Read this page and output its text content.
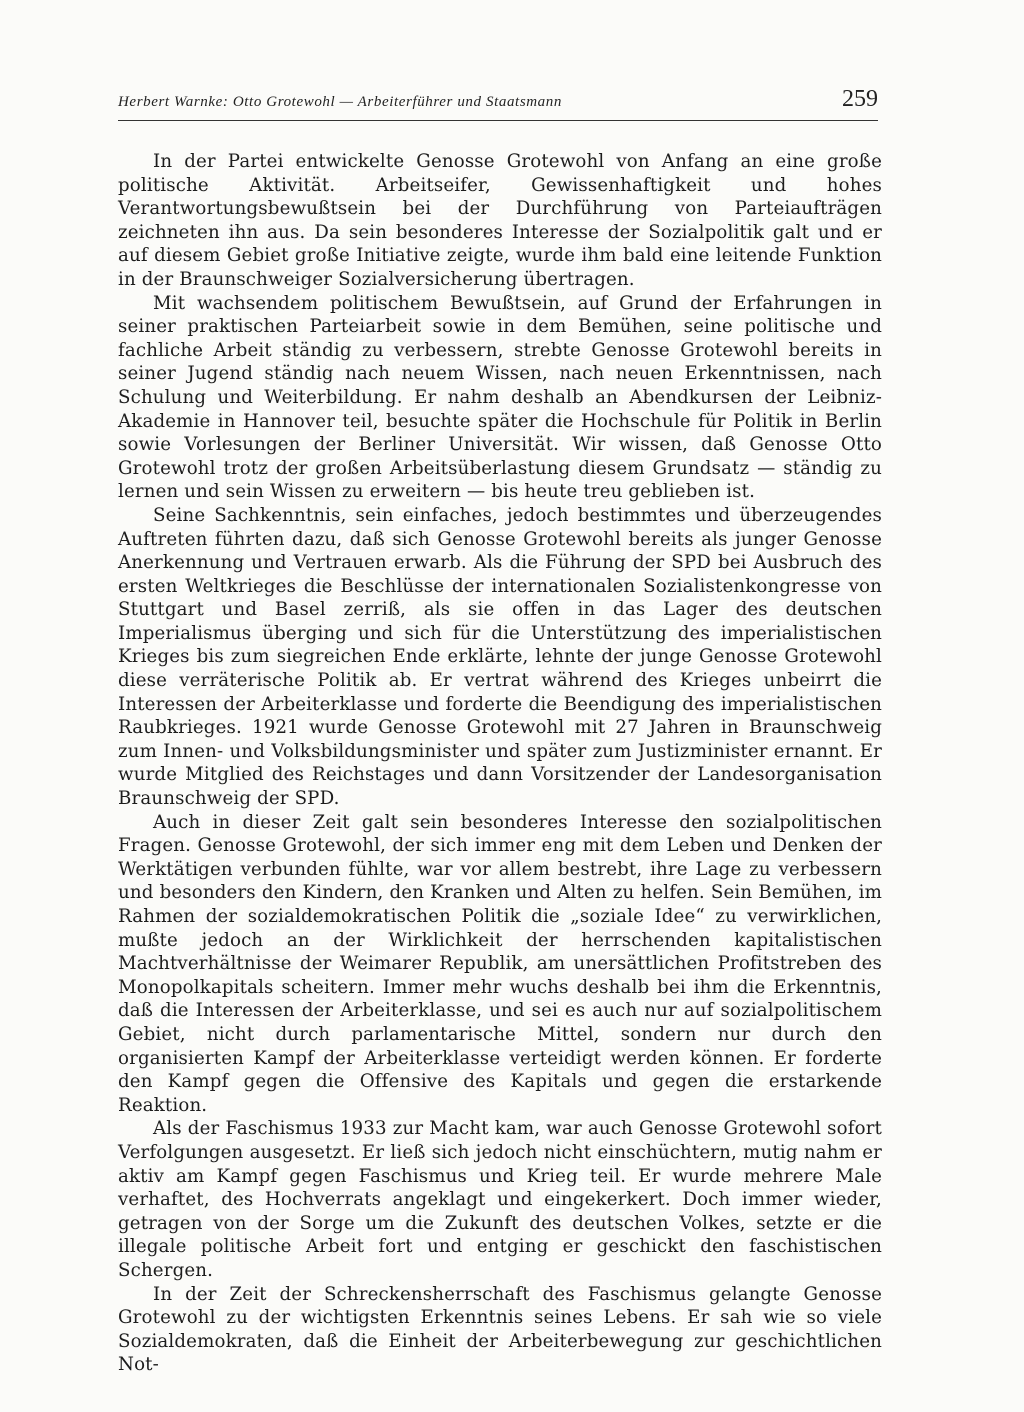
Herbert Warnke: Otto Grotewohl — Arbeiterführer und Staatsmann	259

In der Partei entwickelte Genosse Grotewohl von Anfang an eine große politische Aktivität. Arbeitseifer, Gewissenhaftigkeit und hohes Verantwortungsbewußtsein bei der Durchführung von Parteiaufträgen zeichneten ihn aus. Da sein besonderes Interesse der Sozialpolitik galt und er auf diesem Gebiet große Initiative zeigte, wurde ihm bald eine leitende Funktion in der Braunschweiger Sozialversicherung übertragen.

Mit wachsendem politischem Bewußtsein, auf Grund der Erfahrungen in seiner praktischen Parteiarbeit sowie in dem Bemühen, seine politische und fachliche Arbeit ständig zu verbessern, strebte Genosse Grotewohl bereits in seiner Jugend ständig nach neuem Wissen, nach neuen Erkenntnissen, nach Schulung und Weiterbildung. Er nahm deshalb an Abendkursen der Leibniz-Akademie in Hannover teil, besuchte später die Hochschule für Politik in Berlin sowie Vorlesungen der Berliner Universität. Wir wissen, daß Genosse Otto Grotewohl trotz der großen Arbeitsüberlastung diesem Grundsatz — ständig zu lernen und sein Wissen zu erweitern — bis heute treu geblieben ist.

Seine Sachkenntnis, sein einfaches, jedoch bestimmtes und überzeugendes Auftreten führten dazu, daß sich Genosse Grotewohl bereits als junger Genosse Anerkennung und Vertrauen erwarb. Als die Führung der SPD bei Ausbruch des ersten Weltkrieges die Beschlüsse der internationalen Sozialistenkongresse von Stuttgart und Basel zerriß, als sie offen in das Lager des deutschen Imperialismus überging und sich für die Unterstützung des imperialistischen Krieges bis zum siegreichen Ende erklärte, lehnte der junge Genosse Grotewohl diese verräterische Politik ab. Er vertrat während des Krieges unbeirrt die Interessen der Arbeiterklasse und forderte die Beendigung des imperialistischen Raubkrieges. 1921 wurde Genosse Grotewohl mit 27 Jahren in Braunschweig zum Innen- und Volksbildungsminister und später zum Justizminister ernannt. Er wurde Mitglied des Reichstages und dann Vorsitzender der Landesorganisation Braunschweig der SPD.

Auch in dieser Zeit galt sein besonderes Interesse den sozialpolitischen Fragen. Genosse Grotewohl, der sich immer eng mit dem Leben und Denken der Werktätigen verbunden fühlte, war vor allem bestrebt, ihre Lage zu verbessern und besonders den Kindern, den Kranken und Alten zu helfen. Sein Bemühen, im Rahmen der sozialdemokratischen Politik die „soziale Idee“ zu verwirklichen, mußte jedoch an der Wirklichkeit der herrschenden kapitalistischen Machtverhältnisse der Weimarer Republik, am unersättlichen Profitstreben des Monopolkapitals scheitern. Immer mehr wuchs deshalb bei ihm die Erkenntnis, daß die Interessen der Arbeiterklasse, und sei es auch nur auf sozialpolitischem Gebiet, nicht durch parlamentarische Mittel, sondern nur durch den organisierten Kampf der Arbeiterklasse verteidigt werden können. Er forderte den Kampf gegen die Offensive des Kapitals und gegen die erstarkende Reaktion.

Als der Faschismus 1933 zur Macht kam, war auch Genosse Grotewohl sofort Verfolgungen ausgesetzt. Er ließ sich jedoch nicht einschüchtern, mutig nahm er aktiv am Kampf gegen Faschismus und Krieg teil. Er wurde mehrere Male verhaftet, des Hochverrats angeklagt und eingekerkert. Doch immer wieder, getragen von der Sorge um die Zukunft des deutschen Volkes, setzte er die illegale politische Arbeit fort und entging er geschickt den faschistischen Schergen.

In der Zeit der Schreckensherrschaft des Faschismus gelangte Genosse Grotewohl zu der wichtigsten Erkenntnis seines Lebens. Er sah wie so viele Sozialdemokraten, daß die Einheit der Arbeiterbewegung zur geschichtlichen Not-
